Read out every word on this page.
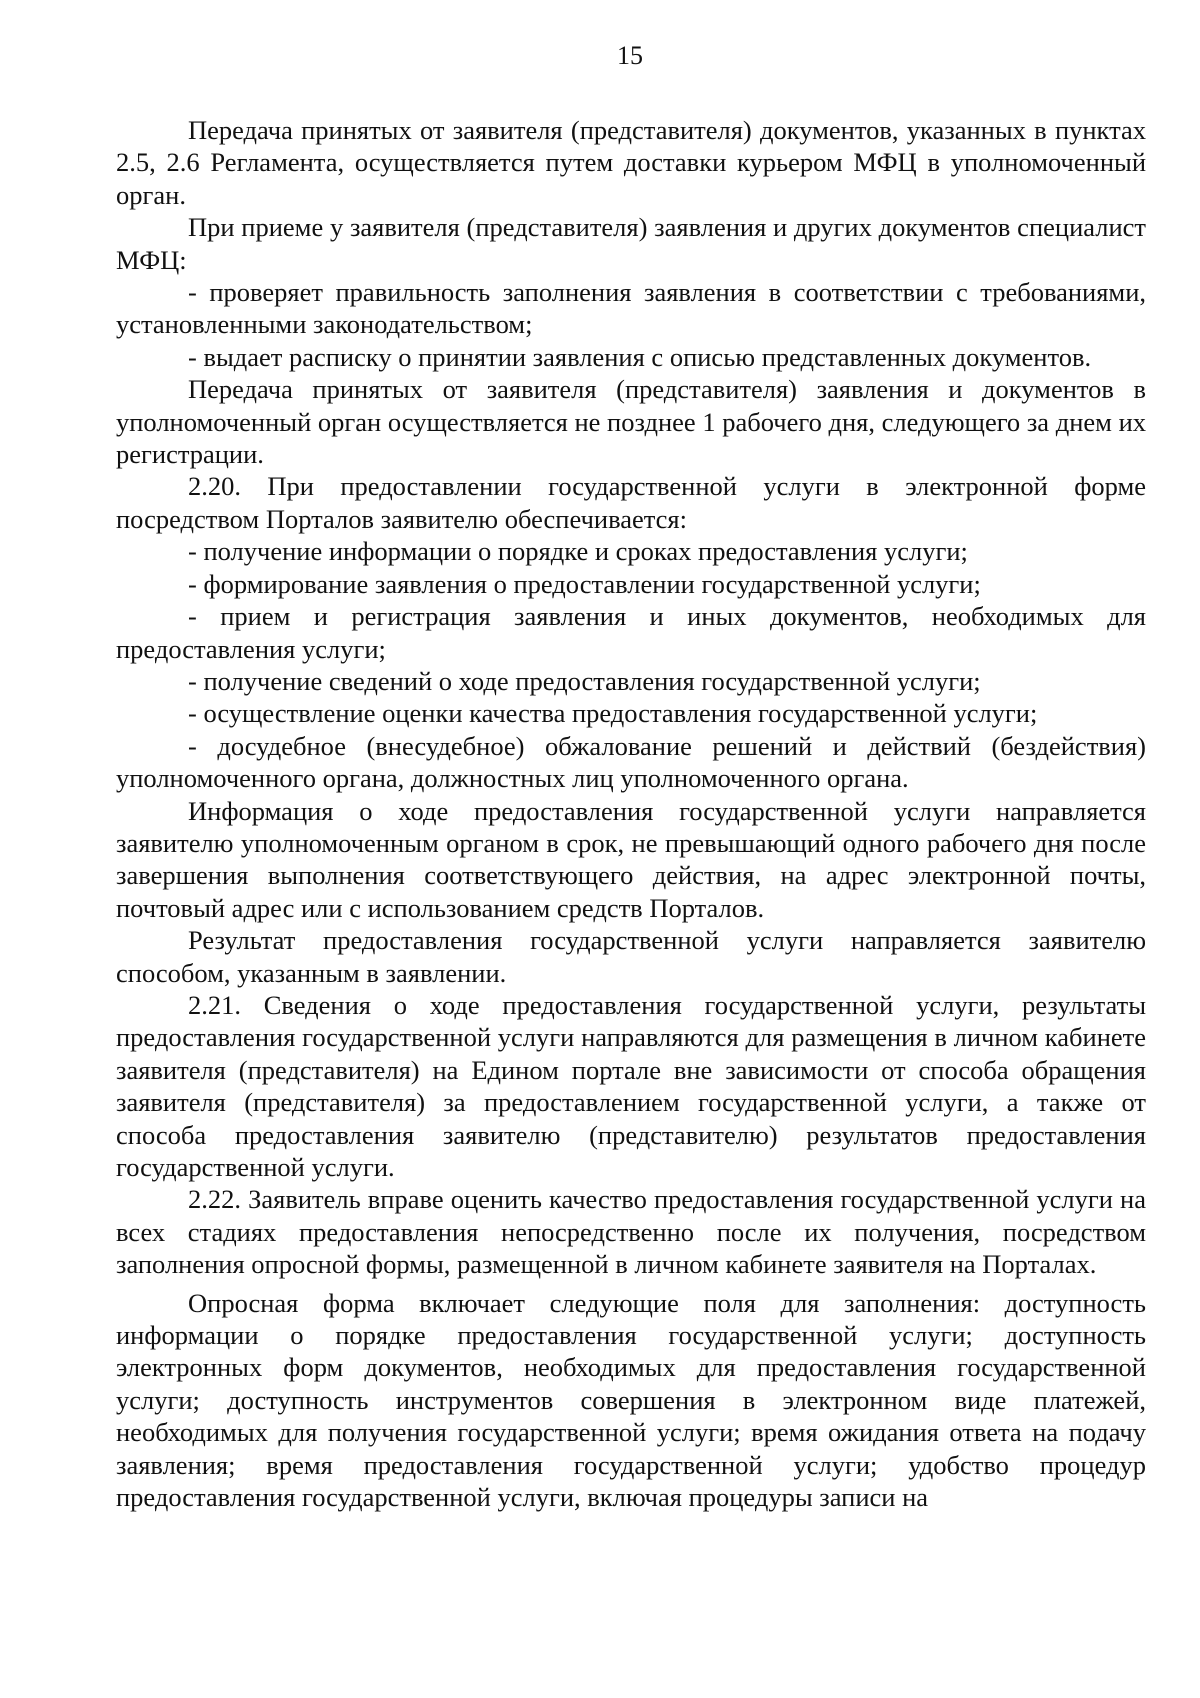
15

Передача принятых от заявителя (представителя) документов, указанных в пунктах 2.5, 2.6 Регламента, осуществляется путем доставки курьером МФЦ в уполномоченный орган.

При приеме у заявителя (представителя) заявления и других документов специалист МФЦ:

- проверяет правильность заполнения заявления в соответствии с требованиями, установленными законодательством;

- выдает расписку о принятии заявления с описью представленных документов.

Передача принятых от заявителя (представителя) заявления и документов в уполномоченный орган осуществляется не позднее 1 рабочего дня, следующего за днем их регистрации.

2.20. При предоставлении государственной услуги в электронной форме посредством Порталов заявителю обеспечивается:

- получение информации о порядке и сроках предоставления услуги;

- формирование заявления о предоставлении государственной услуги;

- прием и регистрация заявления и иных документов, необходимых для предоставления услуги;

- получение сведений о ходе предоставления государственной услуги;

- осуществление оценки качества предоставления государственной услуги;

- досудебное (внесудебное) обжалование решений и действий (бездействия) уполномоченного органа, должностных лиц уполномоченного органа.

Информация о ходе предоставления государственной услуги направляется заявителю уполномоченным органом в срок, не превышающий одного рабочего дня после завершения выполнения соответствующего действия, на адрес электронной почты, почтовый адрес или с использованием средств Порталов.

Результат предоставления государственной услуги направляется заявителю способом, указанным в заявлении.

2.21. Сведения о ходе предоставления государственной услуги, результаты предоставления государственной услуги направляются для размещения в личном кабинете заявителя (представителя) на Едином портале вне зависимости от способа обращения заявителя (представителя) за предоставлением государственной услуги, а также от способа предоставления заявителю (представителю) результатов предоставления государственной услуги.

2.22. Заявитель вправе оценить качество предоставления государственной услуги на всех стадиях предоставления непосредственно после их получения, посредством заполнения опросной формы, размещенной в личном кабинете заявителя на Порталах.

Опросная форма включает следующие поля для заполнения: доступность информации о порядке предоставления государственной услуги; доступность электронных форм документов, необходимых для предоставления государственной услуги; доступность инструментов совершения в электронном виде платежей, необходимых для получения государственной услуги; время ожидания ответа на подачу заявления; время предоставления государственной услуги; удобство процедур предоставления государственной услуги, включая процедуры записи на
